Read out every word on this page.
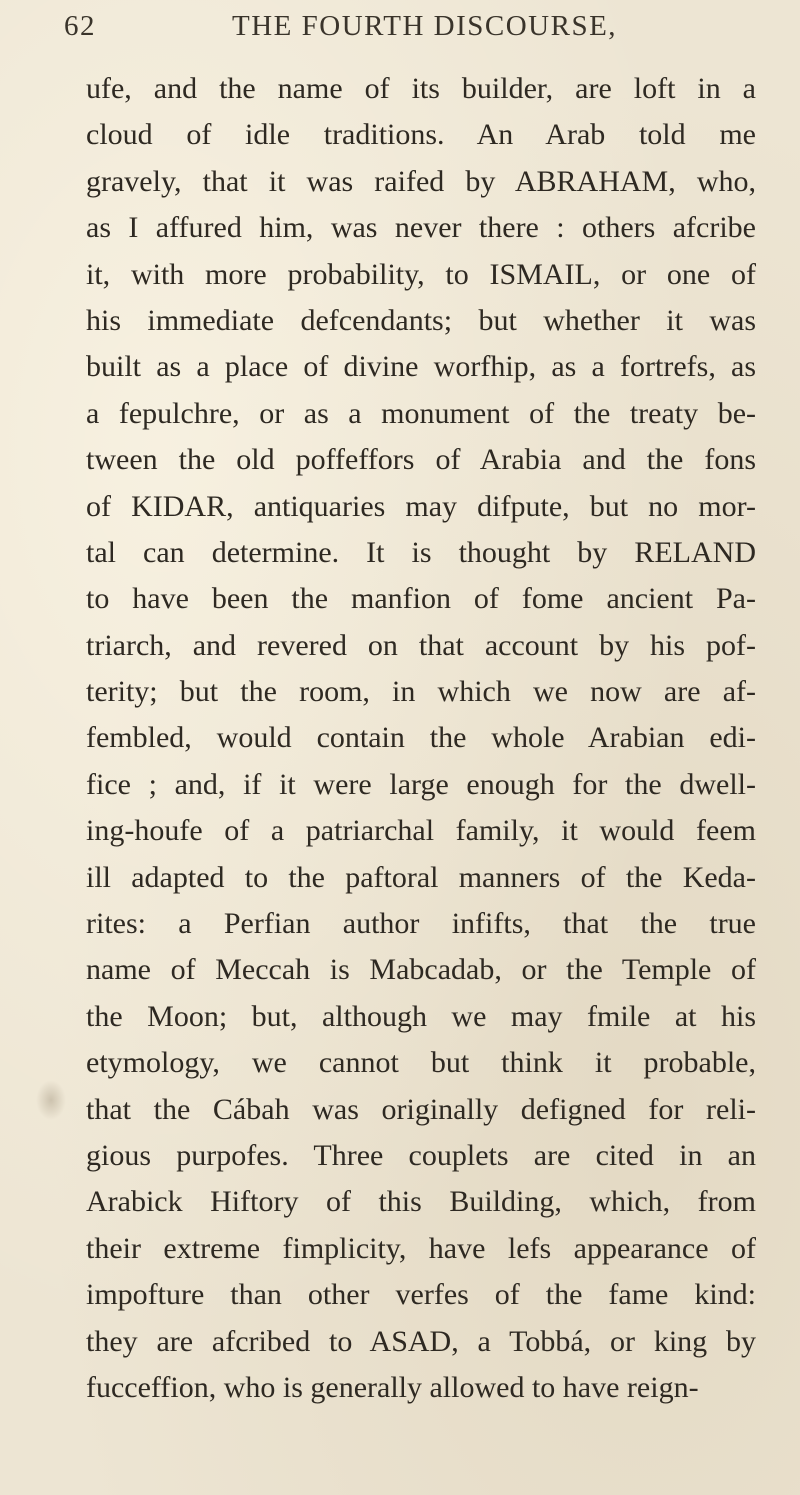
62	THE FOURTH DISCOURSE,
ufe, and the name of its builder, are loft in a
cloud of idle traditions. An Arab told me
gravely, that it was raifed by ABRAHAM, who,
as I affured him, was never there : others afcribe
it, with more probability, to ISMAIL, or one of
his immediate defcendants; but whether it was
built as a place of divine worfhip, as a fortrefs, as
a fepulchre, or as a monument of the treaty be-
tween the old poffeffors of Arabia and the fons
of KIDAR, antiquaries may difpute, but no mor-
tal can determine. It is thought by RELAND
to have been the manfion of fome ancient Pa-
triarch, and revered on that account by his pof-
terity; but the room, in which we now are af-
fembled, would contain the whole Arabian edi-
fice ; and, if it were large enough for the dwell-
ing-houfe of a patriarchal family, it would feem
ill adapted to the paftoral manners of the Keda-
rites: a Perfian author infifts, that the true
name of Meccah is Mabcadab, or the Temple of
the Moon; but, although we may fmile at his
etymology, we cannot but think it probable,
that the Cábah was originally defigned for reli-
gious purpofes. Three couplets are cited in an
Arabick Hiftory of this Building, which, from
their extreme fimplicity, have lefs appearance of
impofture than other verfes of the fame kind:
they are afcribed to ASAD, a Tobbá, or king by
fucceffion, who is generally allowed to have reign-
